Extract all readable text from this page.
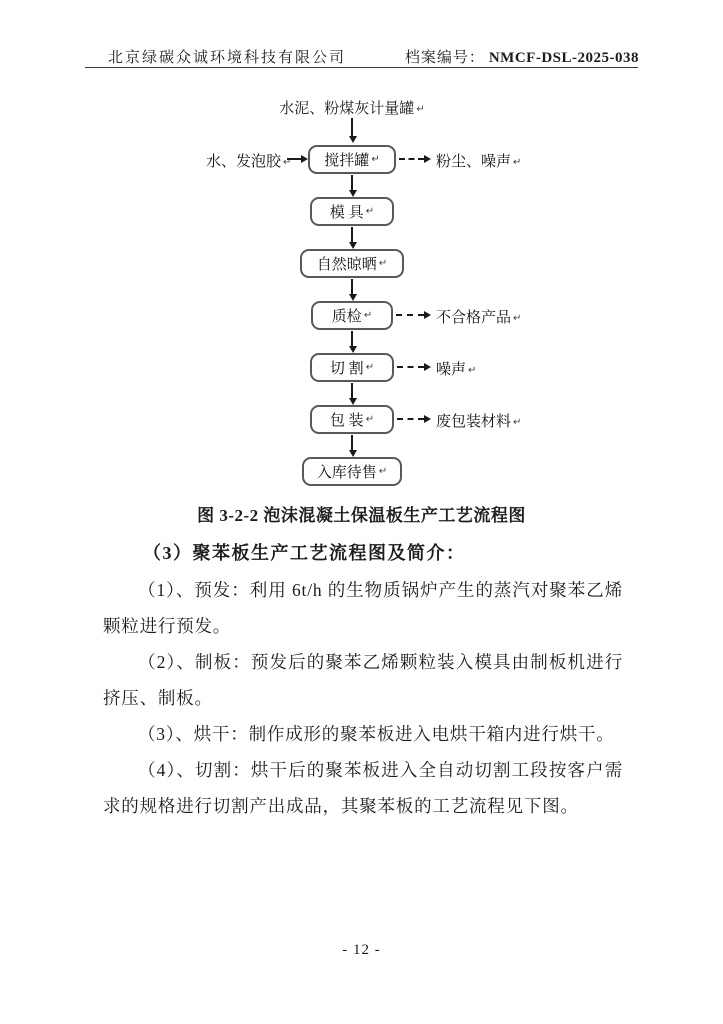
北京绿碳众诚环境科技有限公司	档案编号： NMCF-DSL-2025-038
水泥、粉煤灰计量罐 ↵
搅拌罐 ↵
模 具 ↵
自然晾晒 ↵
质检 ↵
切 割 ↵
包 装 ↵
入库待售 ↵
水、发泡胶 ↵	粉尘、噪声 ↵
不合格产品 ↵
噪声 ↵
废包装材料 ↵
图 3-2-2 泡沫混凝土保温板生产工艺流程图
（3）聚苯板生产工艺流程图及简介：

（1）、预发：利用 6t/h 的生物质锅炉产生的蒸汽对聚苯乙烯颗粒进行预发。

（2）、制板：预发后的聚苯乙烯颗粒装入模具由制板机进行挤压、制板。

（3）、烘干：制作成形的聚苯板进入电烘干箱内进行烘干。

（4）、切割：烘干后的聚苯板进入全自动切割工段按客户需求的规格进行切割产出成品，其聚苯板的工艺流程见下图。

- 12 -
